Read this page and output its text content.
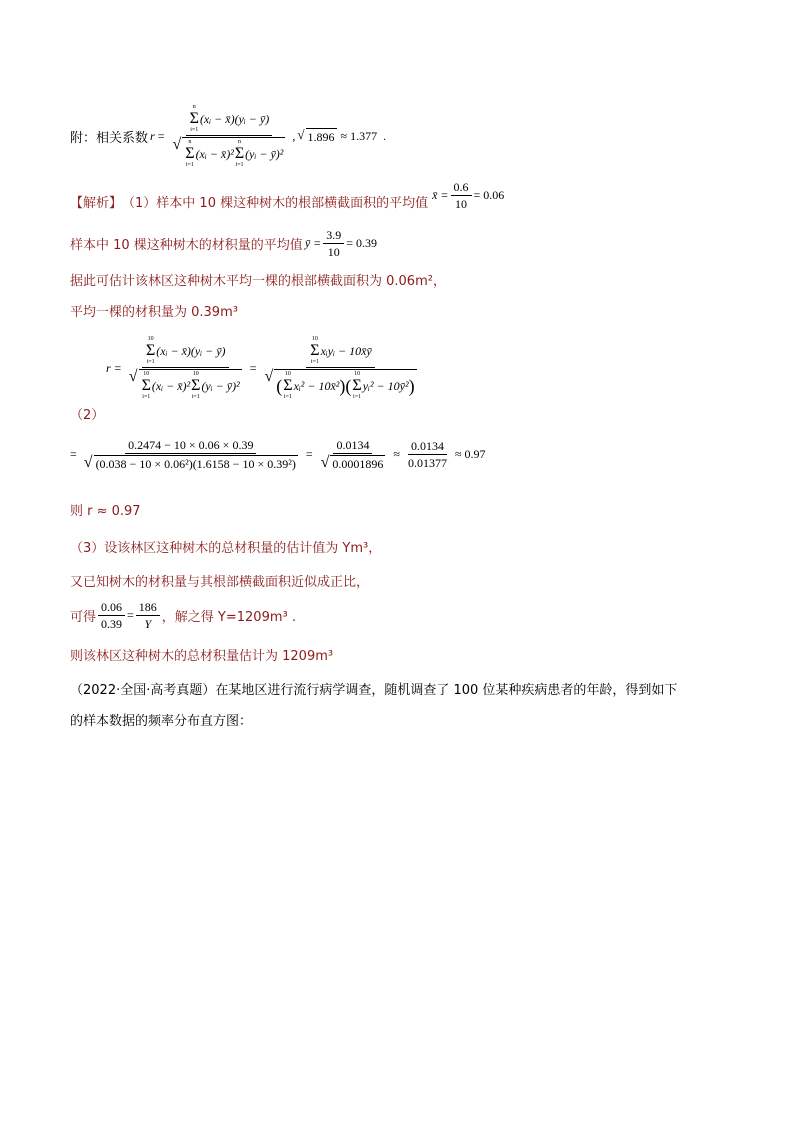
附：相关系数 r =
n
Σ
i=1
(xᵢ − x̄)(yᵢ − ȳ)
√ n
Σ
i=1
(xᵢ − x̄)²
n
Σ
i=1
(yᵢ − ȳ)²
, √ 1.896 ≈ 1.377 .
【解析】 （1）样本中 10 棵这种树木的根部横截面积的平均值
x̄ = $\frac{0.6}{10} = 0.06$
样本中 10 棵这种树木的材积量的平均值 ȳ = $\frac{3.9}{10} = 0.39$
据此可估计该林区这种树木平均一棵的根部横截面积为 0.06m²，
平均一棵的材积量为 0.39m³
（2）
r =
10
Σ
i=1
(xᵢ − x̄)(yᵢ − ȳ)
√ 10
Σ
i=1
(xᵢ − x̄)²
10
Σ
i=1
(yᵢ − ȳ)²
=
10
Σ
i=1
xᵢyᵢ − 10x̄ȳ
√ (
10
Σ
i=1
xᵢ² − 10x̄² )(
10
Σ
i=1
yᵢ² − 10ȳ² )
= $\frac{0.2474 - 10 \times 0.06 \times 0.39}{\text{√ (0.038 − 10 × 0.06²)(1.6158 − 10 × 0.39²)}} = \frac{0.0134}{√ 0.0001896} \approx \frac{0.0134}{0.01377} \approx 0.97$
则 r ≈ 0.97
（3）设该林区这种树木的总材积量的估计值为 Ym³，
又已知树木的材积量与其根部横截面积近似成正比，
可得 $\frac{0.06}{0.39} = \frac{186}{Y}$ ，解之得 Y=1209m³ .
则该林区这种树木的总材积量估计为 1209m³
（2022·全国·高考真题）在某地区进行流行病学调查，随机调查了 100 位某种疾病患者的年龄，得到如下
的样本数据的频率分布直方图：
